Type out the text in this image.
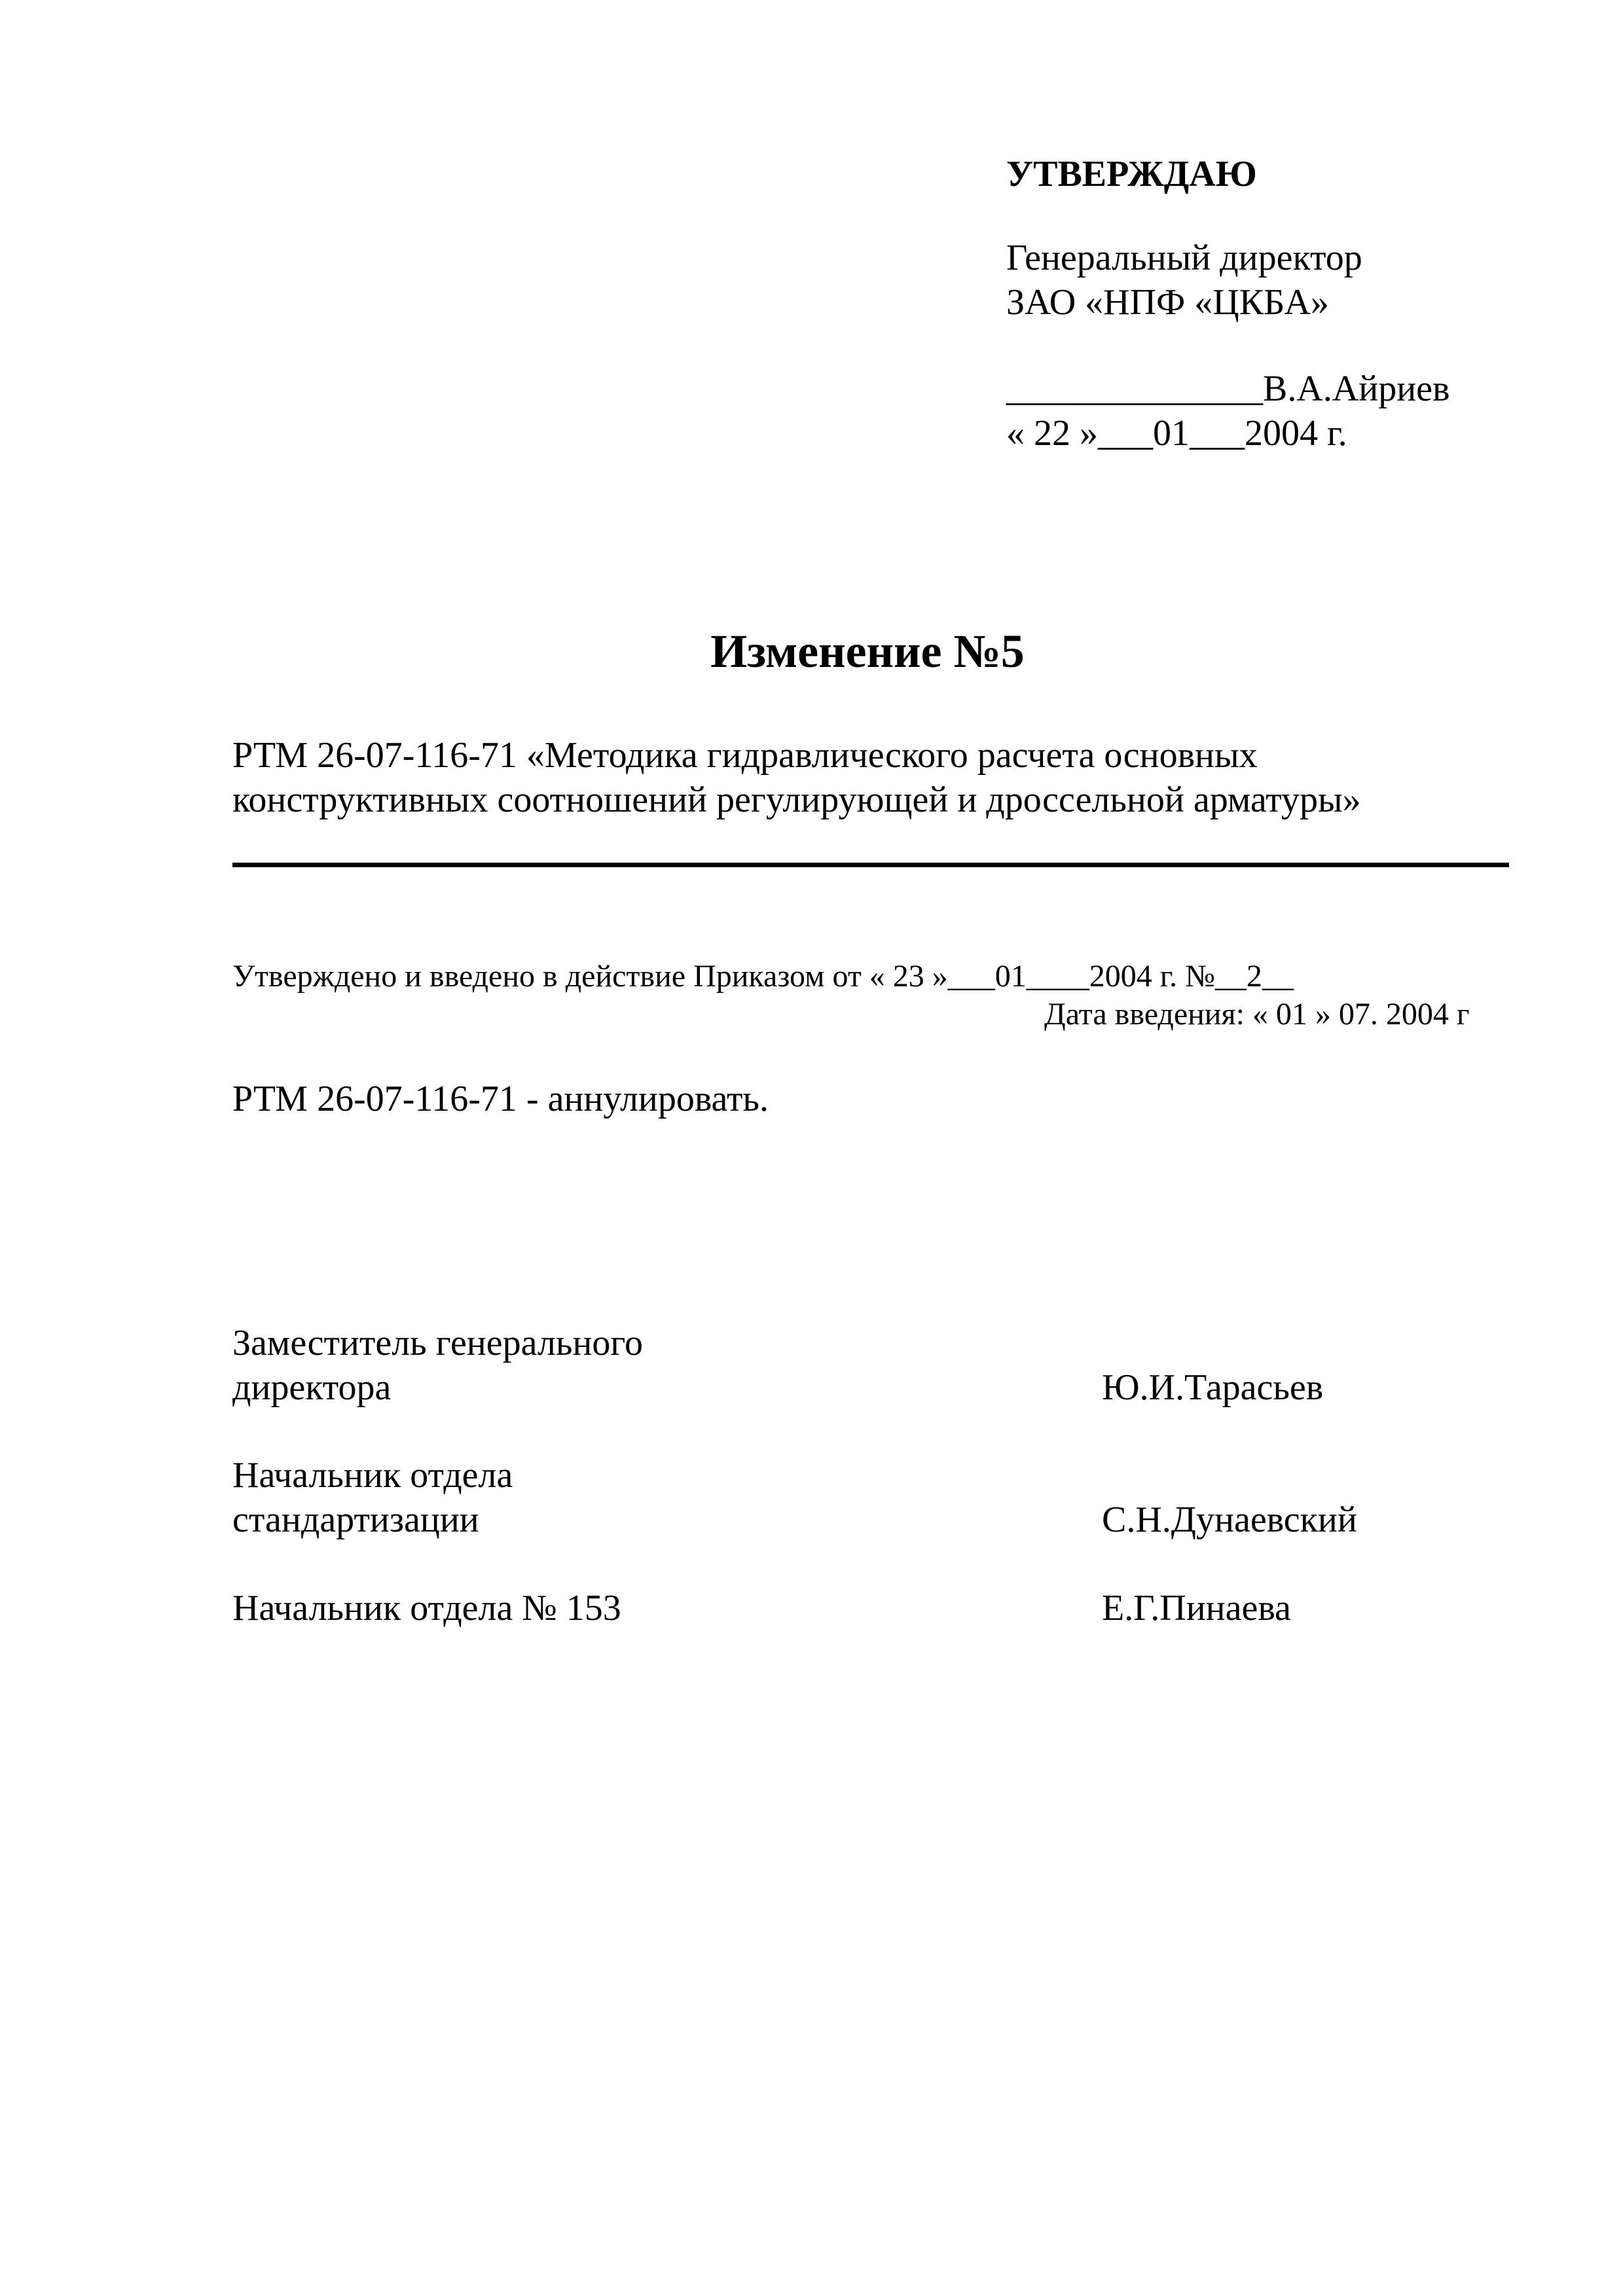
УТВЕРЖДАЮ
Генеральный директор
ЗАО «НПФ «ЦКБА»
______________В.А.Айриев
« 22 »___01___2004 г.
Изменение №5
РТМ 26-07-116-71 «Методика гидравлического расчета основных
конструктивных соотношений регулирующей и дроссельной арматуры»
Утверждено и введено в действие Приказом от « 23 »___01____2004 г. №__2__
Дата введения: « 01 » 07. 2004 г
РТМ 26-07-116-71 - аннулировать.
Заместитель генерального
директора	Ю.И.Тарасьев
Начальник отдела
стандартизации	С.Н.Дунаевский
Начальник отдела № 153	Е.Г.Пинаева
